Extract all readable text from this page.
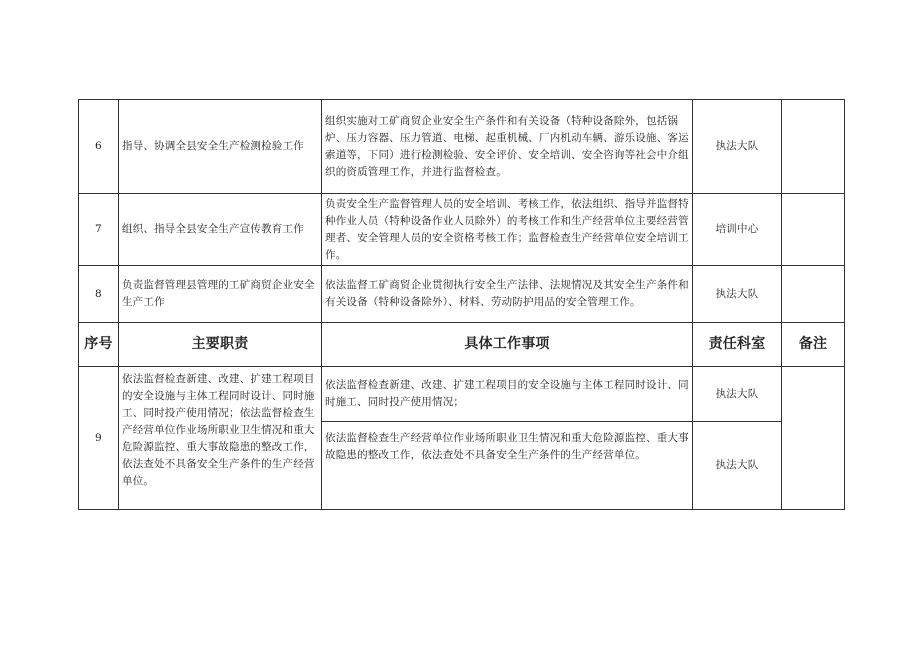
6	指导、协调全县安全生产检测检验工作	组织实施对工矿商贸企业安全生产条件和有关设备（特种设备除外，包括锅炉、压力容器、压力管道、电梯、起重机械、厂内机动车辆、游乐设施、客运索道等，下同）进行检测检验、安全评价、安全培训、安全咨询等社会中介组织的资质管理工作，并进行监督检查。	执法大队	
7	组织、指导全县安全生产宣传教育工作	负责安全生产监督管理人员的安全培训、考核工作，依法组织、指导并监督特种作业人员（特种设备作业人员除外）的考核工作和生产经营单位主要经营管理者、安全管理人员的安全资格考核工作；监督检查生产经营单位安全培训工作。	培训中心	
8	负责监督管理县管理的工矿商贸企业安全生产工作	依法监督工矿商贸企业贯彻执行安全生产法律、法规情况及其安全生产条件和有关设备（特种设备除外）、材料、劳动防护用品的安全管理工作。	执法大队	
序号	主要职责	具体工作事项	责任科室	备注
9	依法监督检查新建、改建、扩建工程项目的安全设施与主体工程同时设计、同时施工、同时投产使用情况；依法监督检查生产经营单位作业场所职业卫生情况和重大危险源监控、重大事故隐患的整改工作，依法查处不具备安全生产条件的生产经营单位。	依法监督检查新建、改建、扩建工程项目的安全设施与主体工程同时设计、同时施工、同时投产使用情况；	执法大队	
		依法监督检查生产经营单位作业场所职业卫生情况和重大危险源监控、重大事故隐患的整改工作，依法查处不具备安全生产条件的生产经营单位。	执法大队	
